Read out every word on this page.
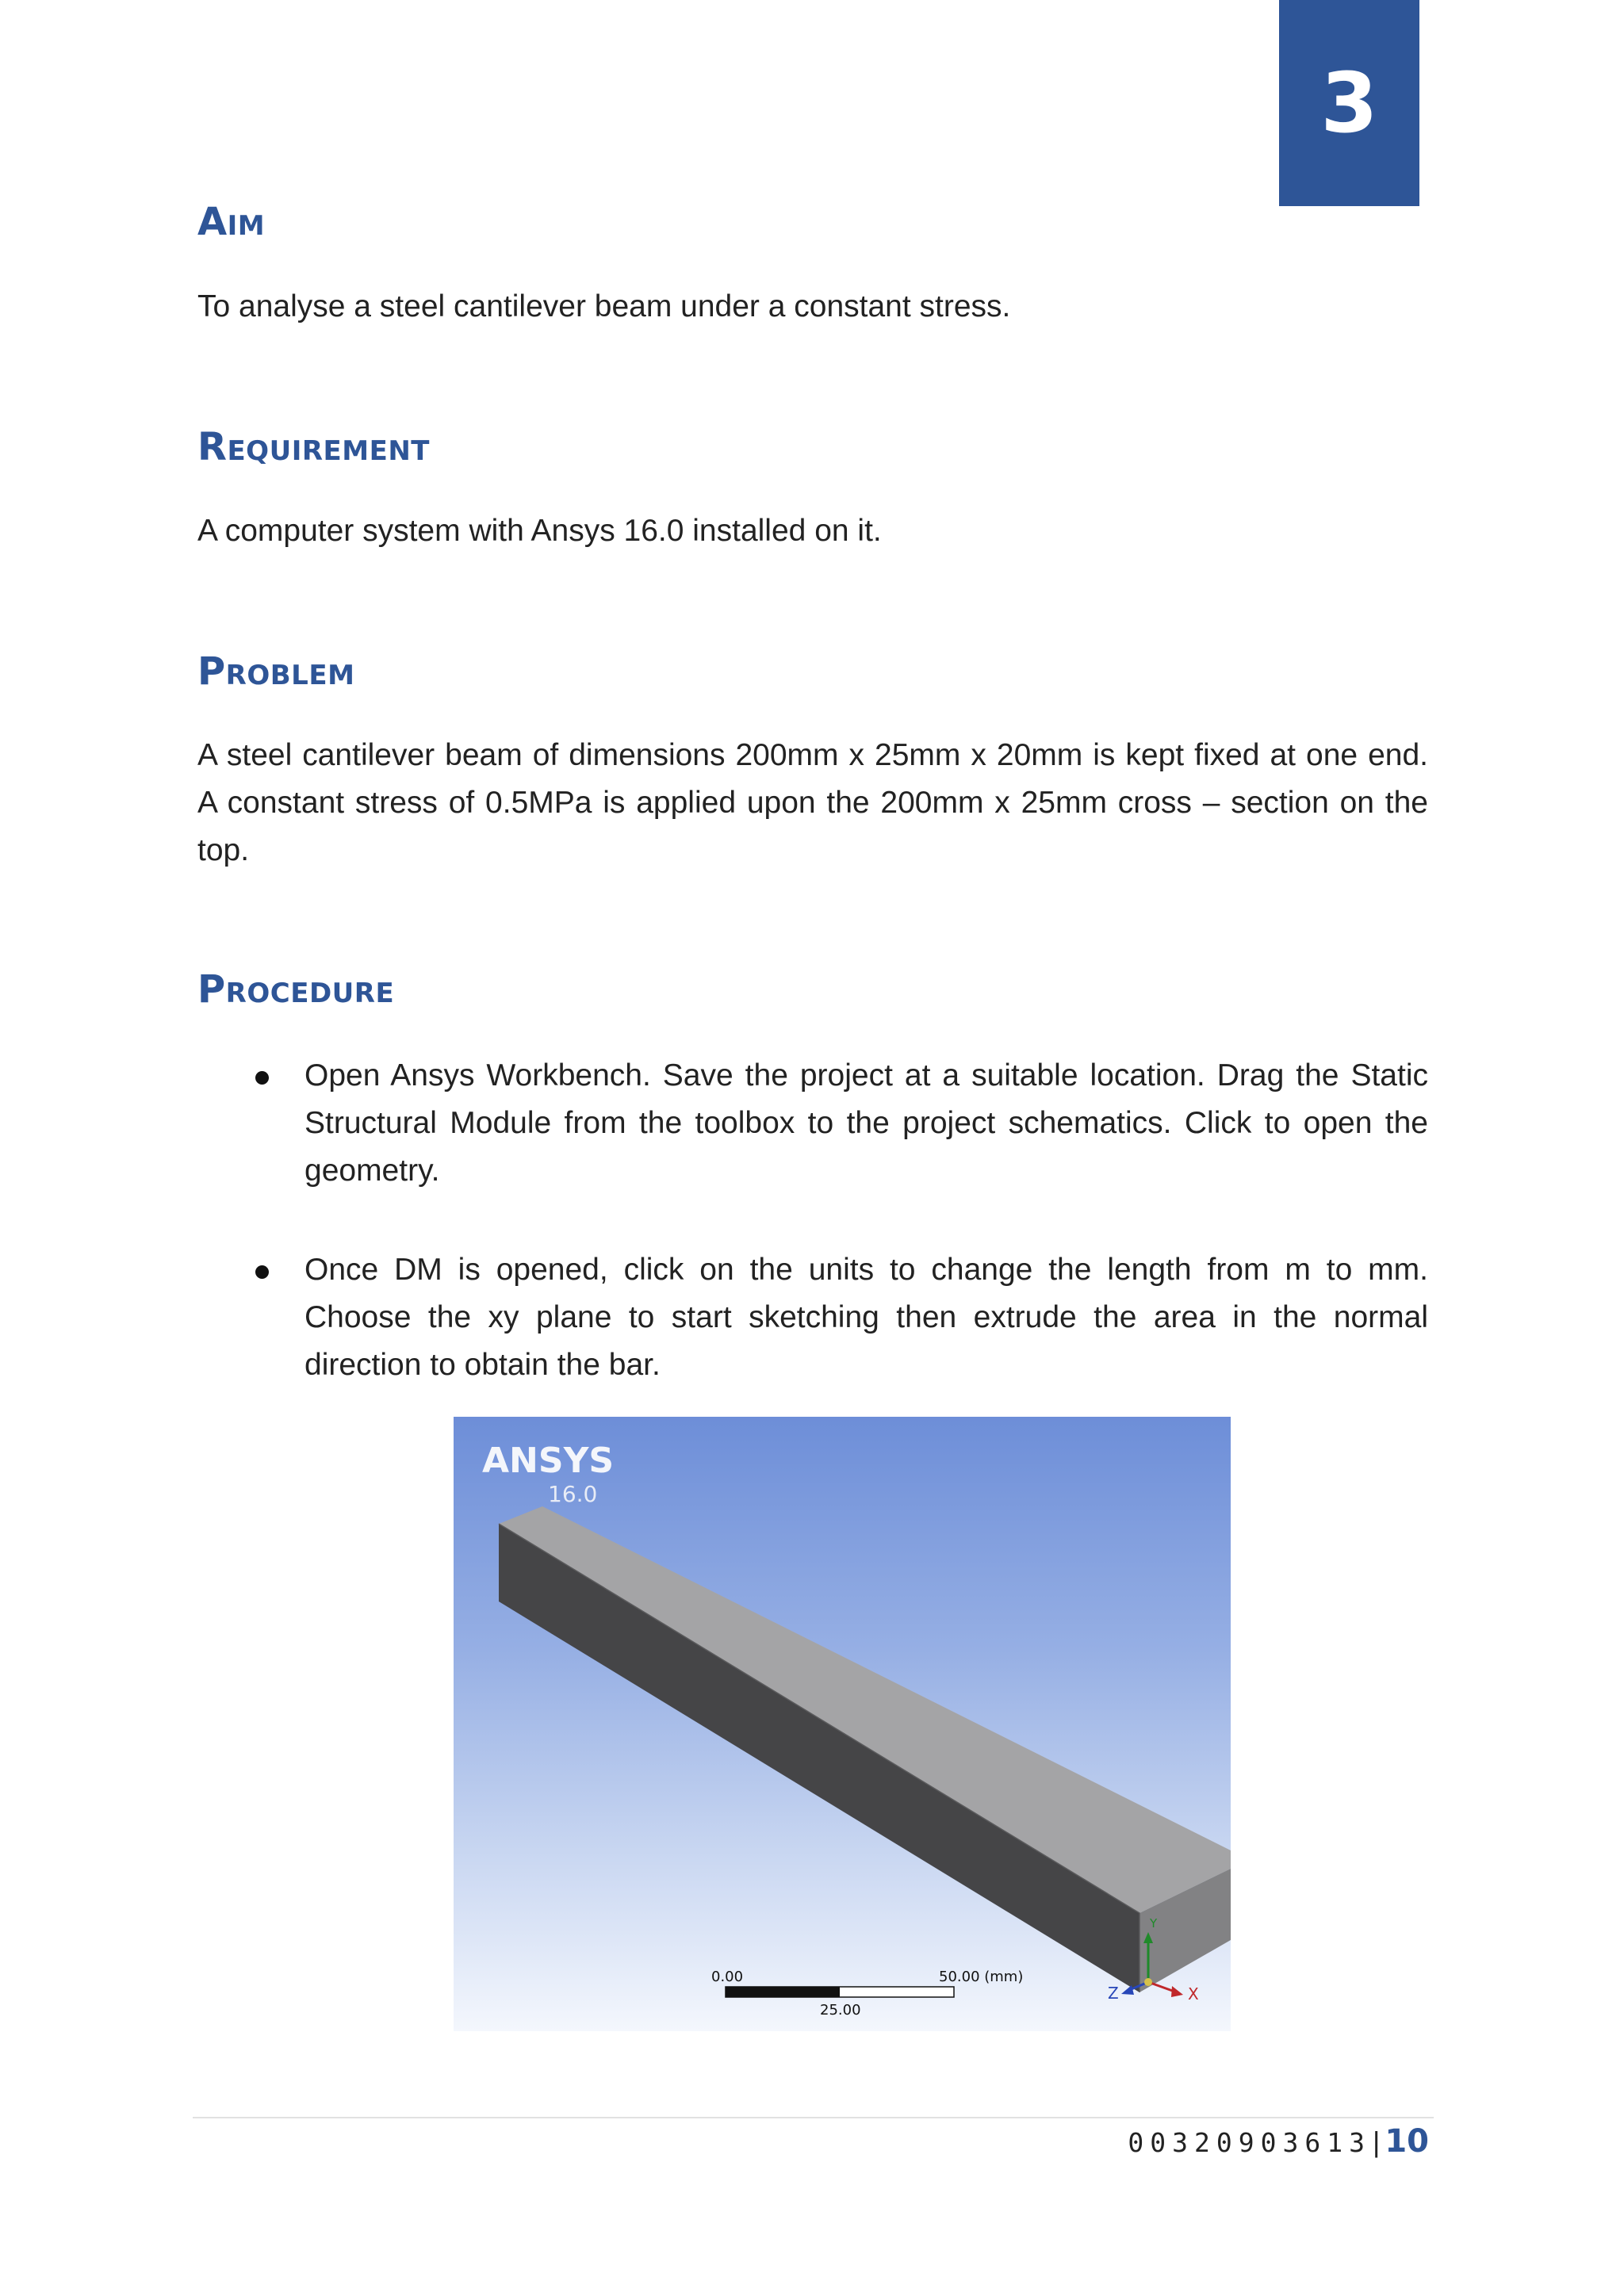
3
Aim

To analyse a steel cantilever beam under a constant stress.

Requirement

A computer system with Ansys 16.0 installed on it.

Problem

A steel cantilever beam of dimensions 200mm x 25mm x 20mm is kept fixed at one end. A constant stress of 0.5MPa is applied upon the 200mm x 25mm cross – section on the top.

Procedure
Open Ansys Workbench. Save the project at a suitable location. Drag the Static Structural Module from the toolbox to the project schematics. Click to open the geometry.
Once DM is opened, click on the units to change the length from m to mm. Choose the xy plane to start sketching then extrude the area in the normal direction to obtain the bar.
ANSYS
16.0
0.00	50.00 (mm)
25.00
Y
X
Z
00320903613 | 10
